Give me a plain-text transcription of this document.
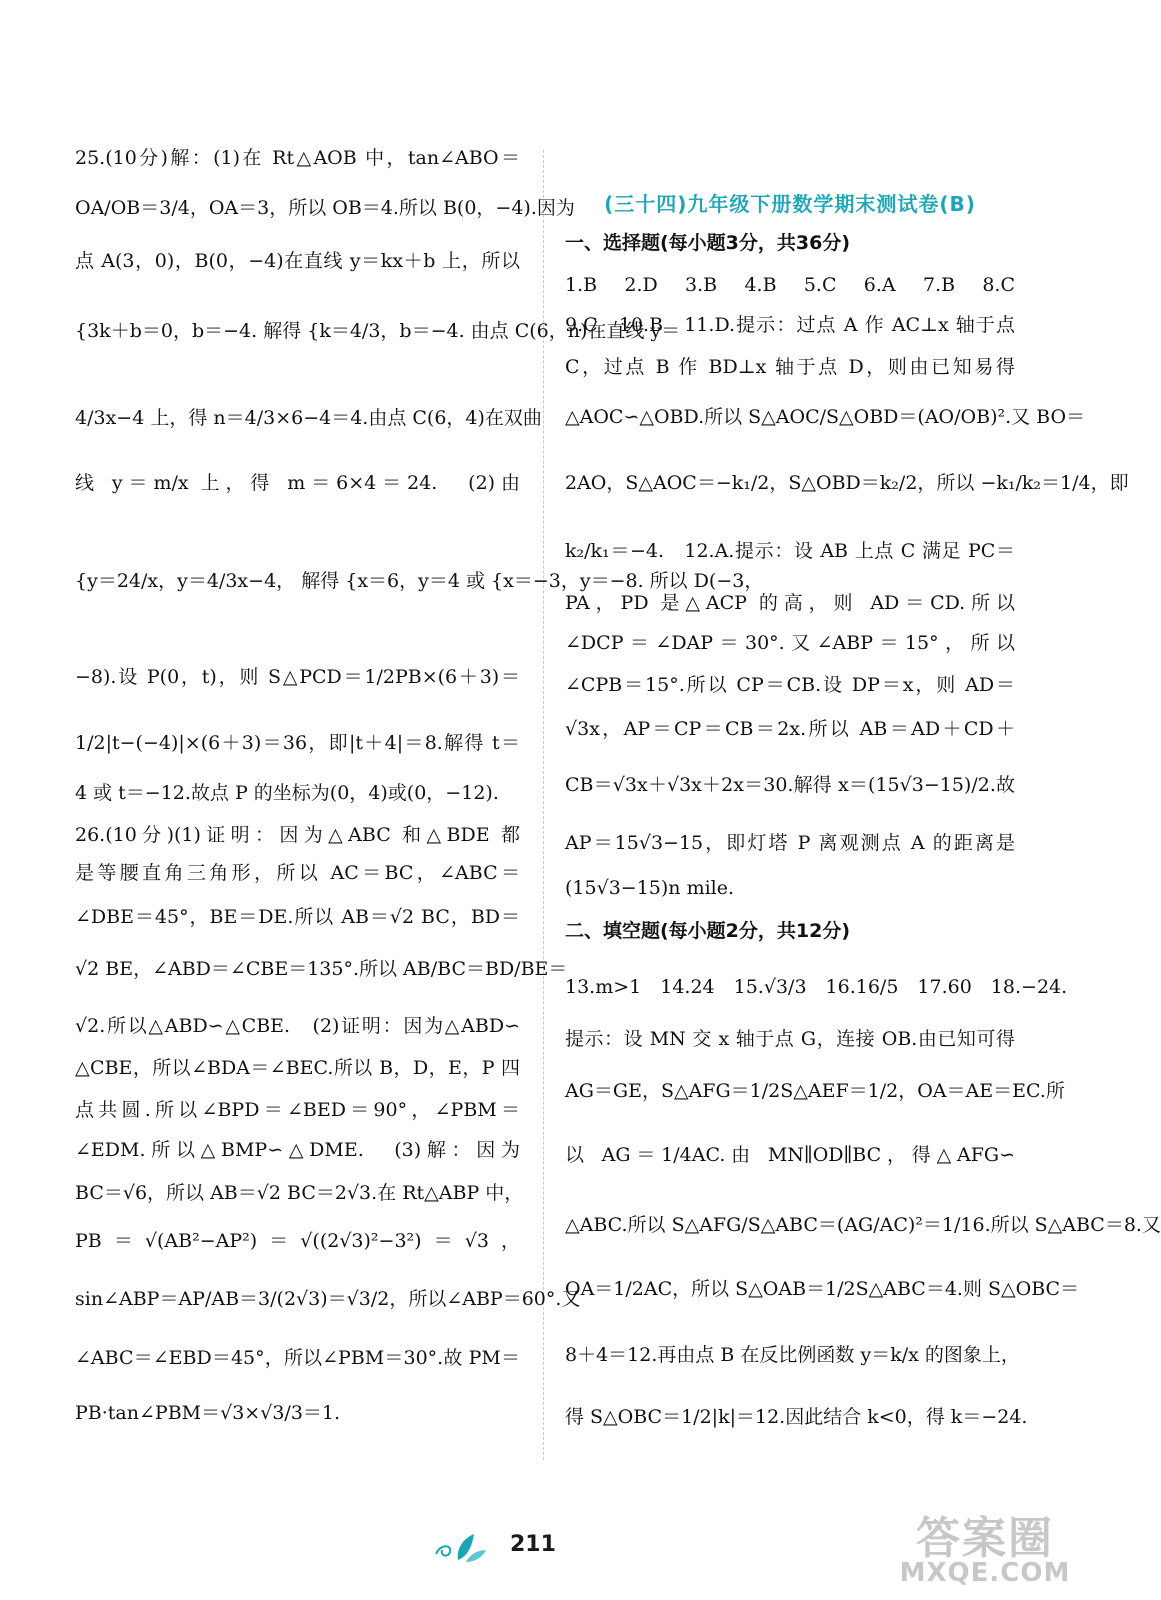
25.(10分)解：(1)在 Rt△AOB 中，tan∠ABO＝
OA/OB＝3/4，OA＝3，所以 OB＝4.所以 B(0，−4).因为
点 A(3，0)，B(0，−4)在直线 y＝kx＋b 上，所以
{3k＋b＝0，b＝−4. 解得 {k＝4/3，b＝−4. 由点 C(6，n)在直线 y＝
4/3x−4 上，得 n＝4/3×6−4＝4.由点 C(6，4)在双曲
线 y＝m/x 上，得 m＝6×4＝24.　(2)由
{y＝24/x，y＝4/3x−4， 解得 {x＝6，y＝4 或 {x＝−3，y＝−8. 所以 D(−3，
−8).设 P(0，t)，则 S△PCD＝1/2PB×(6＋3)＝
1/2|t−(−4)|×(6＋3)＝36，即|t＋4|＝8.解得 t＝
4 或 t＝−12.故点 P 的坐标为(0，4)或(0，−12).
26.(10分)(1)证明：因为△ABC 和△BDE 都
是等腰直角三角形，所以 AC＝BC，∠ABC＝
∠DBE＝45°，BE＝DE.所以 AB＝√2 BC，BD＝
√2 BE，∠ABD＝∠CBE＝135°.所以 AB/BC＝BD/BE＝
√2.所以△ABD∽△CBE.　(2)证明：因为△ABD∽
△CBE，所以∠BDA＝∠BEC.所以 B，D，E，P 四
点共圆.所以∠BPD＝∠BED＝90°，∠PBM＝
∠EDM.所以△BMP∽△DME.　(3)解：因为
BC＝√6，所以 AB＝√2 BC＝2√3.在 Rt△ABP 中，
PB＝√(AB²−AP²)＝√((2√3)²−3²)＝√3，
sin∠ABP＝AP/AB＝3/(2√3)＝√3/2，所以∠ABP＝60°.又
∠ABC＝∠EBD＝45°，所以∠PBM＝30°.故 PM＝
PB·tan∠PBM＝√3×√3/3＝1.
(三十四)九年级下册数学期末测试卷(B)
一、选择题(每小题3分，共36分)
1.B　2.D　3.B　4.B　5.C　6.A　7.B　8.C
9.C　10.B　11.D.提示：过点 A 作 AC⊥x 轴于点
C，过点 B 作 BD⊥x 轴于点 D，则由已知易得
△AOC∽△OBD.所以 S△AOC/S△OBD＝(AO/OB)².又 BO＝
2AO，S△AOC＝−k₁/2，S△OBD＝k₂/2，所以 −k₁/k₂＝1/4，即
k₂/k₁＝−4.　12.A.提示：设 AB 上点 C 满足 PC＝
PA，PD 是△ACP 的高，则 AD＝CD.所以
∠DCP＝∠DAP＝30°.又∠ABP＝15°，所以
∠CPB＝15°.所以 CP＝CB.设 DP＝x，则 AD＝
√3x，AP＝CP＝CB＝2x.所以 AB＝AD＋CD＋
CB＝√3x＋√3x＋2x＝30.解得 x＝(15√3−15)/2.故
AP＝15√3−15，即灯塔 P 离观测点 A 的距离是
(15√3−15)n mile.
二、填空题(每小题2分，共12分)
13.m>1　14.24　15.√3/3　16.16/5　17.60　18.−24.
提示：设 MN 交 x 轴于点 G，连接 OB.由已知可得
AG＝GE，S△AFG＝1/2S△AEF＝1/2，OA＝AE＝EC.所
以 AG＝1/4AC.由 MN∥OD∥BC，得△AFG∽
△ABC.所以 S△AFG/S△ABC＝(AG/AC)²＝1/16.所以 S△ABC＝8.又
OA＝1/2AC，所以 S△OAB＝1/2S△ABC＝4.则 S△OBC＝
8＋4＝12.再由点 B 在反比例函数 y＝k/x 的图象上，
得 S△OBC＝1/2|k|＝12.因此结合 k<0，得 k＝−24.
211	答案圈
MXQE.COM
